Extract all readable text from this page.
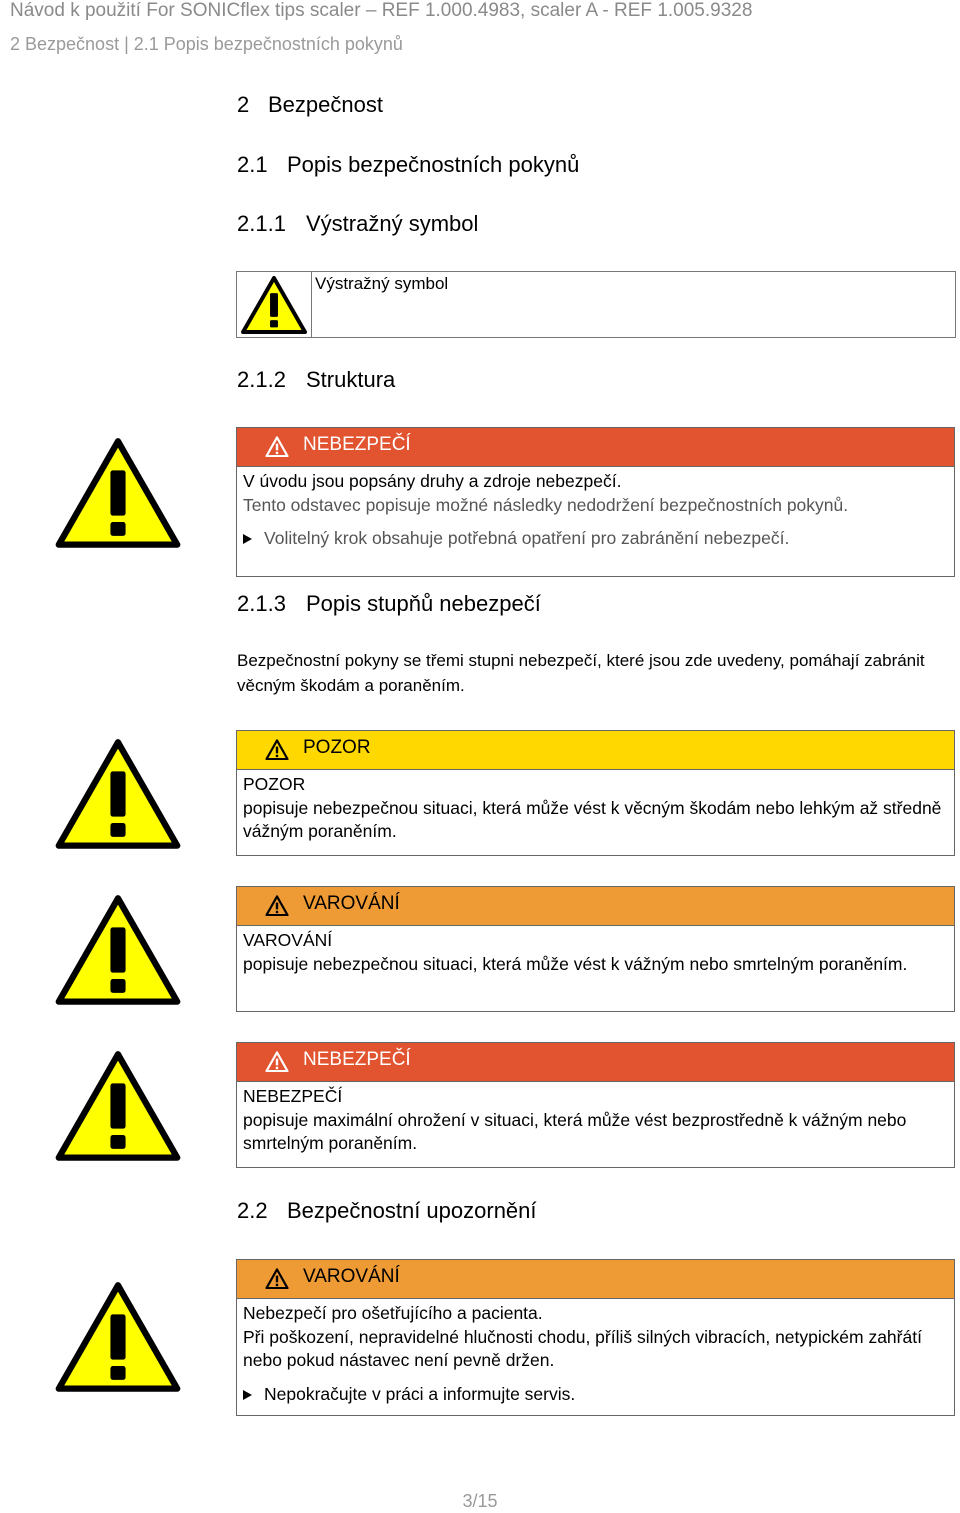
Návod k použití For SONICflex tips scaler – REF 1.000.4983, scaler A - REF 1.005.9328
2 Bezpečnost | 2.1 Popis bezpečnostních pokynů
2 Bezpečnost
2.1 Popis bezpečnostních pokynů
2.1.1 Výstražný symbol
Výstražný symbol
2.1.2 Struktura
NEBEZPEČÍ
V úvodu jsou popsány druhy a zdroje nebezpečí.
Tento odstavec popisuje možné následky nedodržení bezpečnostních pokynů.
Volitelný krok obsahuje potřebná opatření pro zabránění nebezpečí.
2.1.3 Popis stupňů nebezpečí
Bezpečnostní pokyny se třemi stupni nebezpečí, které jsou zde uvedeny, pomáhají zabránit věcným škodám a poraněním.
POZOR
POZOR
popisuje nebezpečnou situaci, která může vést k věcným škodám nebo lehkým až středně vážným poraněním.
VAROVÁNÍ
VAROVÁNÍ
popisuje nebezpečnou situaci, která může vést k vážným nebo smrtelným poraněním.
NEBEZPEČÍ
NEBEZPEČÍ
popisuje maximální ohrožení v situaci, která může vést bezprostředně k vážným nebo smrtelným poraněním.
2.2 Bezpečnostní upozornění
VAROVÁNÍ
Nebezpečí pro ošetřujícího a pacienta.
Při poškození, nepravidelné hlučnosti chodu, příliš silných vibracích, netypickém zahřátí nebo pokud nástavec není pevně držen.
Nepokračujte v práci a informujte servis.
3/15
